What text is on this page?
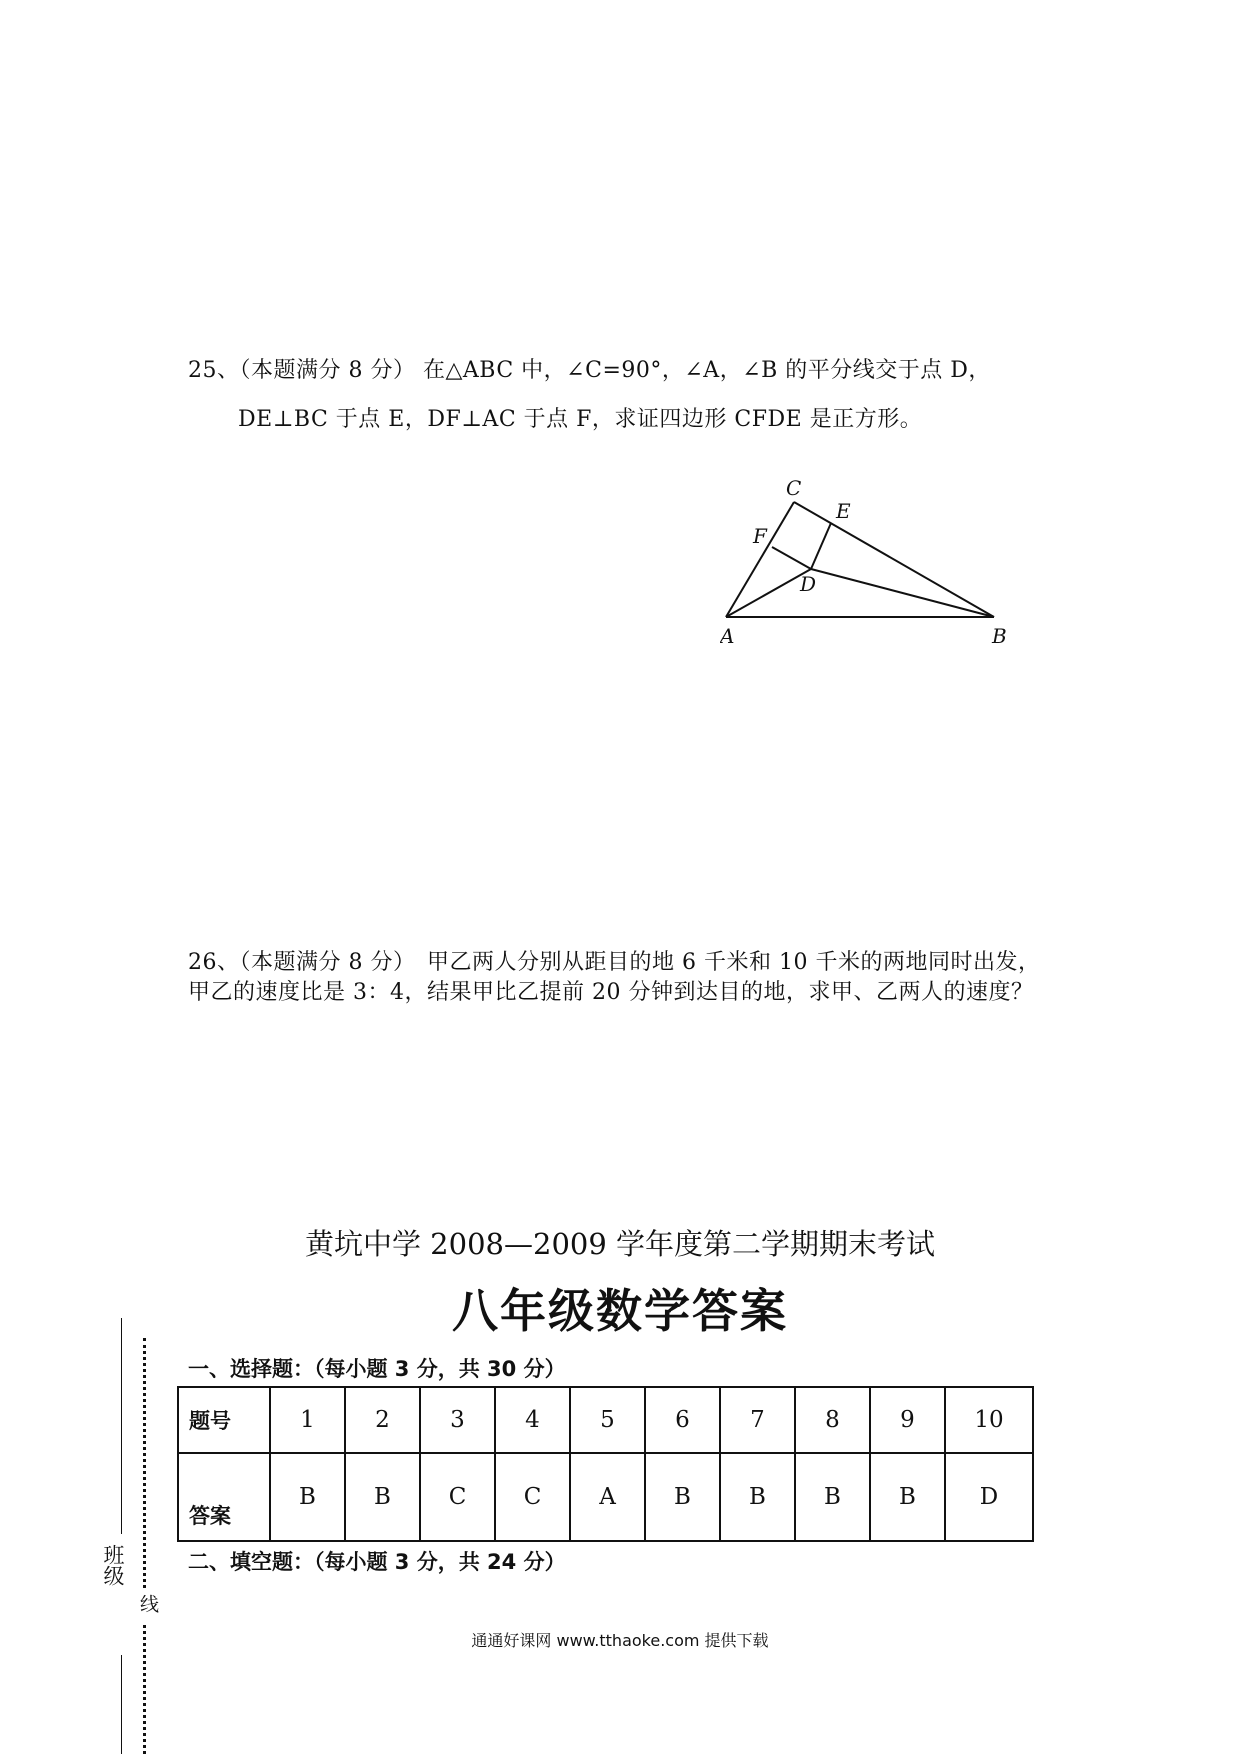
25、（本题满分 8 分） 在△ABC 中，∠C=90°，∠A，∠B 的平分线交于点 D，
DE⊥BC 于点 E，DF⊥AC 于点 F，求证四边形 CFDE 是正方形。
C
E
F
D
A	B
26、（本题满分 8 分）　甲乙两人分别从距目的地 6 千米和 10 千米的两地同时出发，甲乙的速度比是 3：4，结果甲比乙提前 20 分钟到达目的地，求甲、乙两人的速度？
黄坑中学 2008—2009 学年度第二学期期末考试
八年级数学答案
一、选择题：（每小题 3 分，共 30 分）
题号	1	2	3	4	5	6	7	8	9	10
答案	B	B	C	C	A	B	B	B	B	D
二、填空题：（每小题 3 分，共 24 分）
班级
线
通通好课网 www.tthaoke.com 提供下载
